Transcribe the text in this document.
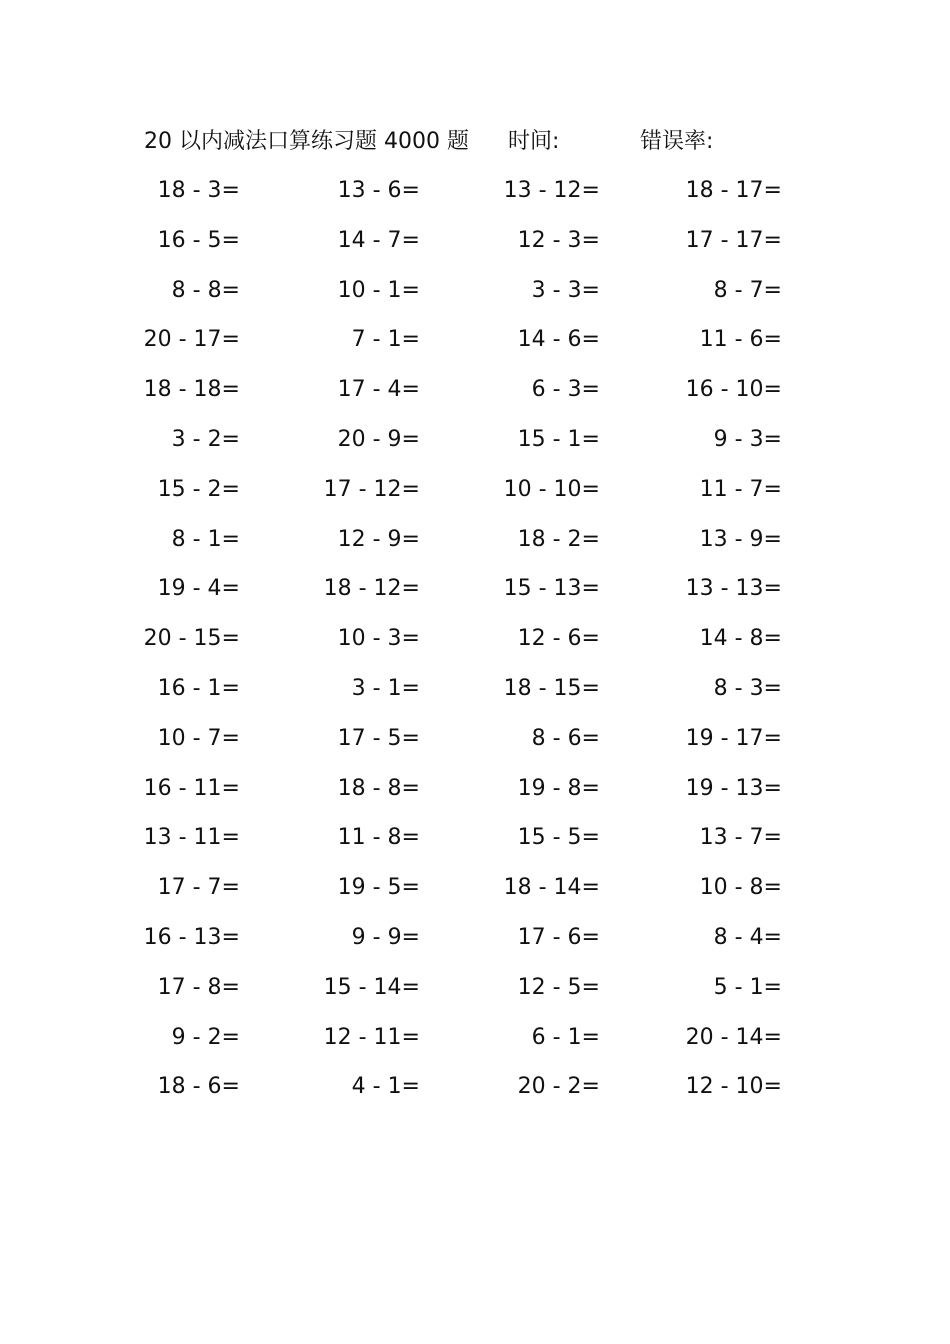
20 以内减法口算练习题 4000 题 时间:	错误率:
18 - 3=	13 - 6=	13 - 12=	18 - 17=
16 - 5=	14 - 7=	12 - 3=	17 - 17=
8 - 8=	10 - 1=	3 - 3=	8 - 7=
20 - 17=	7 - 1=	14 - 6=	11 - 6=
18 - 18=	17 - 4=	6 - 3=	16 - 10=
3 - 2=	20 - 9=	15 - 1=	9 - 3=
15 - 2=	17 - 12=	10 - 10=	11 - 7=
8 - 1=	12 - 9=	18 - 2=	13 - 9=
19 - 4=	18 - 12=	15 - 13=	13 - 13=
20 - 15=	10 - 3=	12 - 6=	14 - 8=
16 - 1=	3 - 1=	18 - 15=	8 - 3=
10 - 7=	17 - 5=	8 - 6=	19 - 17=
16 - 11=	18 - 8=	19 - 8=	19 - 13=
13 - 11=	11 - 8=	15 - 5=	13 - 7=
17 - 7=	19 - 5=	18 - 14=	10 - 8=
16 - 13=	9 - 9=	17 - 6=	8 - 4=
17 - 8=	15 - 14=	12 - 5=	5 - 1=
9 - 2=	12 - 11=	6 - 1=	20 - 14=
18 - 6=	4 - 1=	20 - 2=	12 - 10=
